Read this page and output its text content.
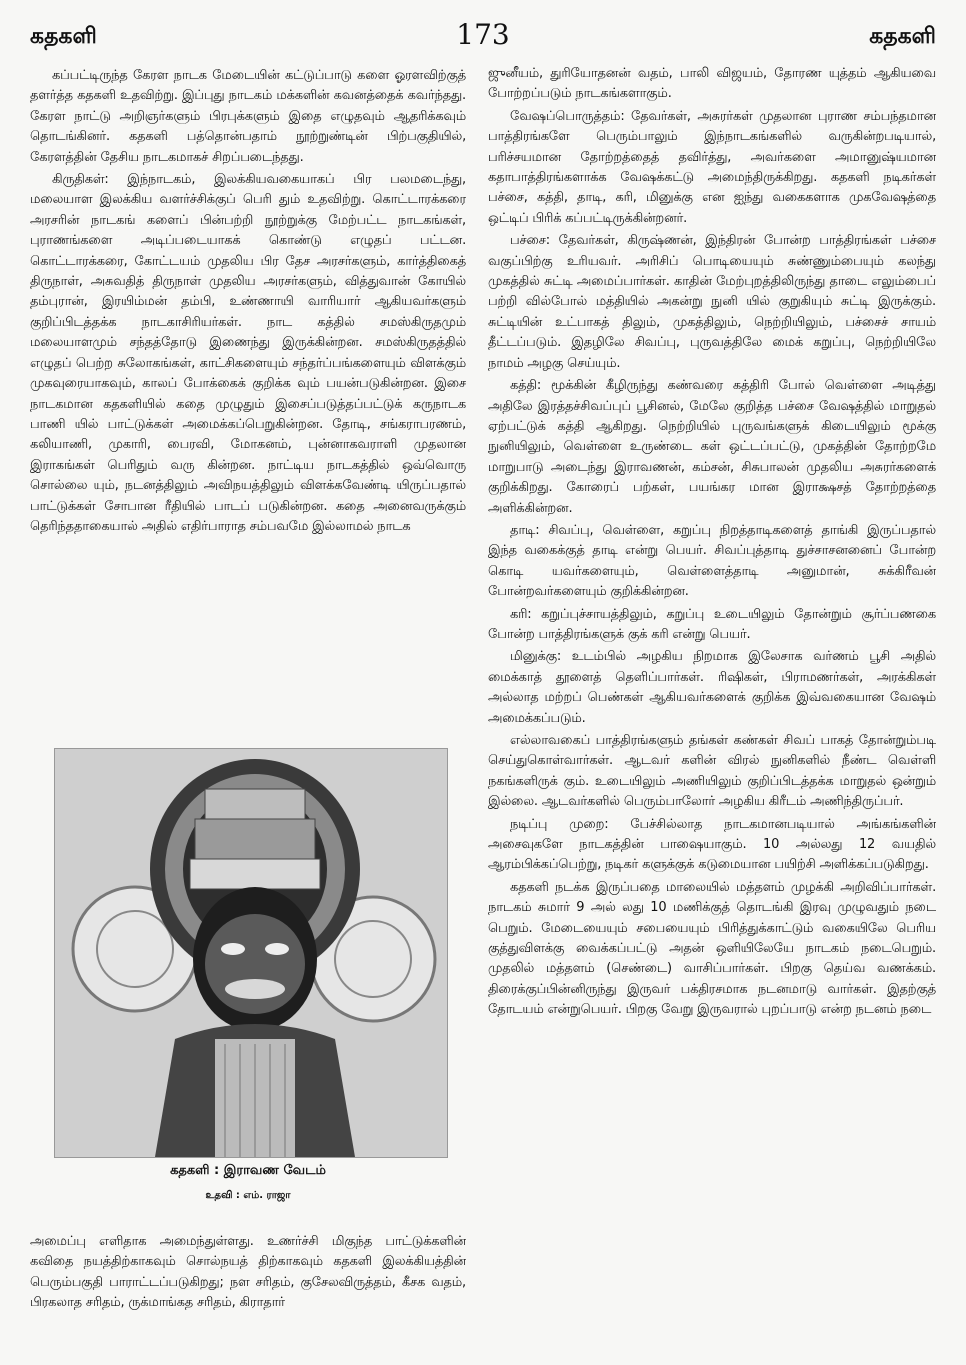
கதகளி	173	கதகளி

கப்பட்டிருந்த கேரள நாடக மேடையின் கட்டுப்பாடு களை ஓரளவிற்குத் தளர்த்த கதகளி உதவிற்று. இப்புது நாடகம் மக்களின் கவனத்தைக் கவர்ந்தது. கேரள நாட்டு அறிஞர்களும் பிரபுக்களும் இதை எழுதவும் ஆதரிக்கவும் தொடங்கினர். கதகளி பத்தொன்பதாம் நூற்றுண்டின் பிற்பகுதியில், கேரளத்தின் தேசிய நாடகமாகச் சிறப்படைந்தது.

கிருதிகள்: இந்நாடகம், இலக்கியவகையாகப் பிர பலமடைந்து, மலையாள இலக்கிய வளர்ச்சிக்குப் பெரி தும் உதவிற்று. கொட்டாரக்கரை அரசரின் நாடகங் களைப் பின்பற்றி நூற்றுக்கு மேற்பட்ட நாடகங்கள், புராணங்களை அடிப்படையாகக் கொண்டு எழுதப் பட்டன. கொட்டாரக்கரை, கோட்டயம் முதலிய பிர தேச அரசர்களும், கார்த்திகைத் திருநாள், அசுவதித் திருநாள் முதலிய அரசர்களும், வித்துவான் கோயில் தம்புரான், இரயிம்மன் தம்பி, உண்ணாயி வாரியார் ஆகியவர்களும் குறிப்பிடத்தக்க நாடகாசிரியர்கள். நாட கத்தில் சமஸ்கிருதமும் மலையாளமும் சந்தத்தோடு இணைந்து இருக்கின்றன. சமஸ்கிருதத்தில் எழுதப் பெற்ற சுலோகங்கள், காட்சிகளையும் சந்தர்ப்பங்களையும் விளக்கும் முகவுரையாகவும், காலப் போக்கைக் குறிக்க வும் பயன்படுகின்றன. இசை நாடகமான கதகளியில் கதை முழுதும் இசைப்படுத்தப்பட்டுக் கருநாடக பாணி யில் பாட்டுக்கள் அமைக்கப்பெறுகின்றன. தோடி, சங்கராபரணம், கலியாணி, முகாரி, பைரவி, மோகனம், புன்னாகவராளி முதலான இராகங்கள் பெரிதும் வரு கின்றன. நாட்டிய நாடகத்தில் ஒவ்வொரு சொல்லை யும், நடனத்திலும் அவிநயத்திலும் விளக்கவேண்டி யிருப்பதால் பாட்டுக்கள் சோபான ரீதியில் பாடப் படுகின்றன. கதை அனைவருக்கும் தெரிந்ததாகையால் அதில் எதிர்பாராத சம்பவமே இல்லாமல் நாடக

கதகளி : இராவண வேடம்
உதவி : எம். ராஜா

அமைப்பு எளிதாக அமைந்துள்ளது. உணர்ச்சி மிகுந்த பாட்டுக்களின் கவிதை நயத்திற்காகவும் சொல்நயத் திற்காகவும் கதகளி இலக்கியத்தின் பெரும்பகுதி பாராட்டப்படுகிறது; நள சரிதம், குசேலவிருத்தம், கீசக வதம், பிரகலாத சரிதம், ருக்மாங்கத சரிதம், கிராதார்

ஜுனீயம், துரியோதனன் வதம், பாலி விஜயம், தோரண யுத்தம் ஆகியவை போற்றப்படும் நாடகங்களாகும்.

வேஷப்பொருத்தம்: தேவர்கள், அசுரர்கள் முதலான புராண சம்பந்தமான பாத்திரங்களே பெரும்பாலும் இந்நாடகங்களில் வருகின்றபடியால், பரிச்சயமான தோற்றத்தைத் தவிர்த்து, அவர்களை அமானுஷ்யமான கதாபாத்திரங்களாக்க வேஷக்கட்டு அமைந்திருக்கிறது. கதகளி நடிகர்கள் பச்சை, கத்தி, தாடி, கரி, மினுக்கு என ஐந்து வகைகளாக முகவேஷத்தை ஒட்டிப் பிரிக் கப்பட்டிருக்கின்றனர்.

பச்சை: தேவர்கள், கிருஷ்ணன், இந்திரன் போன்ற பாத்திரங்கள் பச்சை வகுப்பிற்கு உரியவர். அரிசிப் பொடியையும் சுண்ணும்பையும் கலந்து முகத்தில் சுட்டி அமைப்பார்கள். காதின் மேற்புறத்திலிருந்து தாடை எலும்பைப் பற்றி வில்போல் மத்தியில் அகன்று நுனி யில் குறுகியும் சுட்டி இருக்கும். சுட்டியின் உட்பாகத் திலும், முகத்திலும், நெற்றியிலும், பச்சைச் சாயம் தீட்டப்படும். இதழிலே சிவப்பு, புருவத்திலே மைக் கறுப்பு, நெற்றியிலே நாமம் அழகு செய்யும்.

கத்தி: மூக்கின் கீழிருந்து கண்வரை கத்திரி போல் வெள்ளை அடித்து அதிலே இரத்தச்சிவப்புப் பூசினல், மேலே குறித்த பச்சை வேஷத்தில் மாறுதல் ஏற்பட்டுக் கத்தி ஆகிறது. நெற்றியில் புருவங்களுக் கிடையிலும் மூக்கு நுனியிலும், வெள்ளை உருண்டை கள் ஒட்டப்பட்டு, முகத்தின் தோற்றமே மாறுபாடு அடைந்து இராவணன், கம்சன், சிசுபாலன் முதலிய அசுரர்களைக் குறிக்கிறது. கோரைப் பற்கள், பயங்கர மான இராக்ஷசத் தோற்றத்தை அளிக்கின்றன.

தாடி: சிவப்பு, வெள்ளை, கறுப்பு நிறத்தாடிகளைத் தாங்கி இருப்பதால் இந்த வகைக்குத் தாடி என்று பெயர். சிவப்புத்தாடி துச்சாசனனைப் போன்ற கொடி யவர்களையும், வெள்ளைத்தாடி அனுமான், சுக்கிரீவன் போன்றவர்களையும் குறிக்கின்றன.

கரி: கறுப்புச்சாயத்திலும், கறுப்பு உடையிலும் தோன்றும் சூர்ப்பணகை போன்ற பாத்திரங்களுக் குக் கரி என்று பெயர்.

மினுக்கு: உடம்பில் அழகிய நிறமாக இலேசாக வர்ணம் பூசி அதில் மைக்காத் தூளைத் தெளிப்பார்கள். ரிஷிகள், பிராமணர்கள், அரக்கிகள் அல்லாத மற்றப் பெண்கள் ஆகியவர்களைக் குறிக்க இவ்வகையான வேஷம் அமைக்கப்படும்.

எல்லாவகைப் பாத்திரங்களும் தங்கள் கண்கள் சிவப் பாகத் தோன்றும்படி செய்துகொள்வார்கள். ஆடவர் களின் விரல் நுனிகளில் நீண்ட வெள்ளி நகங்களிருக் கும். உடையிலும் அணியிலும் குறிப்பிடத்தக்க மாறுதல் ஒன்றும் இல்லை. ஆடவர்களில் பெரும்பாலோர் அழகிய கிரீடம் அணிந்திருப்பர்.

நடிப்பு முறை: பேச்சில்லாத நாடகமானபடியால் அங்கங்களின் அசைவுகளே நாடகத்தின் பாஷையாகும். 10 அல்லது 12 வயதில் ஆரம்பிக்கப்பெற்று, நடிகர் களுக்குக் கடுமையான பயிற்சி அளிக்கப்படுகிறது.

கதகளி நடக்க இருப்பதை மாலையில் மத்தளம் முழக்கி அறிவிப்பார்கள். நாடகம் சுமார் 9 அல் லது 10 மணிக்குத் தொடங்கி இரவு முழுவதும் நடை பெறும். மேடையையும் சபையையும் பிரித்துக்காட்டும் வகையிலே பெரிய குத்துவிளக்கு வைக்கப்பட்டு அதன் ஒளியிலேயே நாடகம் நடைபெறும். முதலில் மத்தளம் (செண்டை) வாசிப்பார்கள். பிறகு தெய்வ வணக்கம். திரைக்குப்பின்னிருந்து இருவர் பக்திரசமாக நடனமாடு வார்கள். இதற்குத் தோடயம் என்றுபெயர். பிறகு வேறு இருவரால் புறப்பாடு என்ற நடனம் நடை
